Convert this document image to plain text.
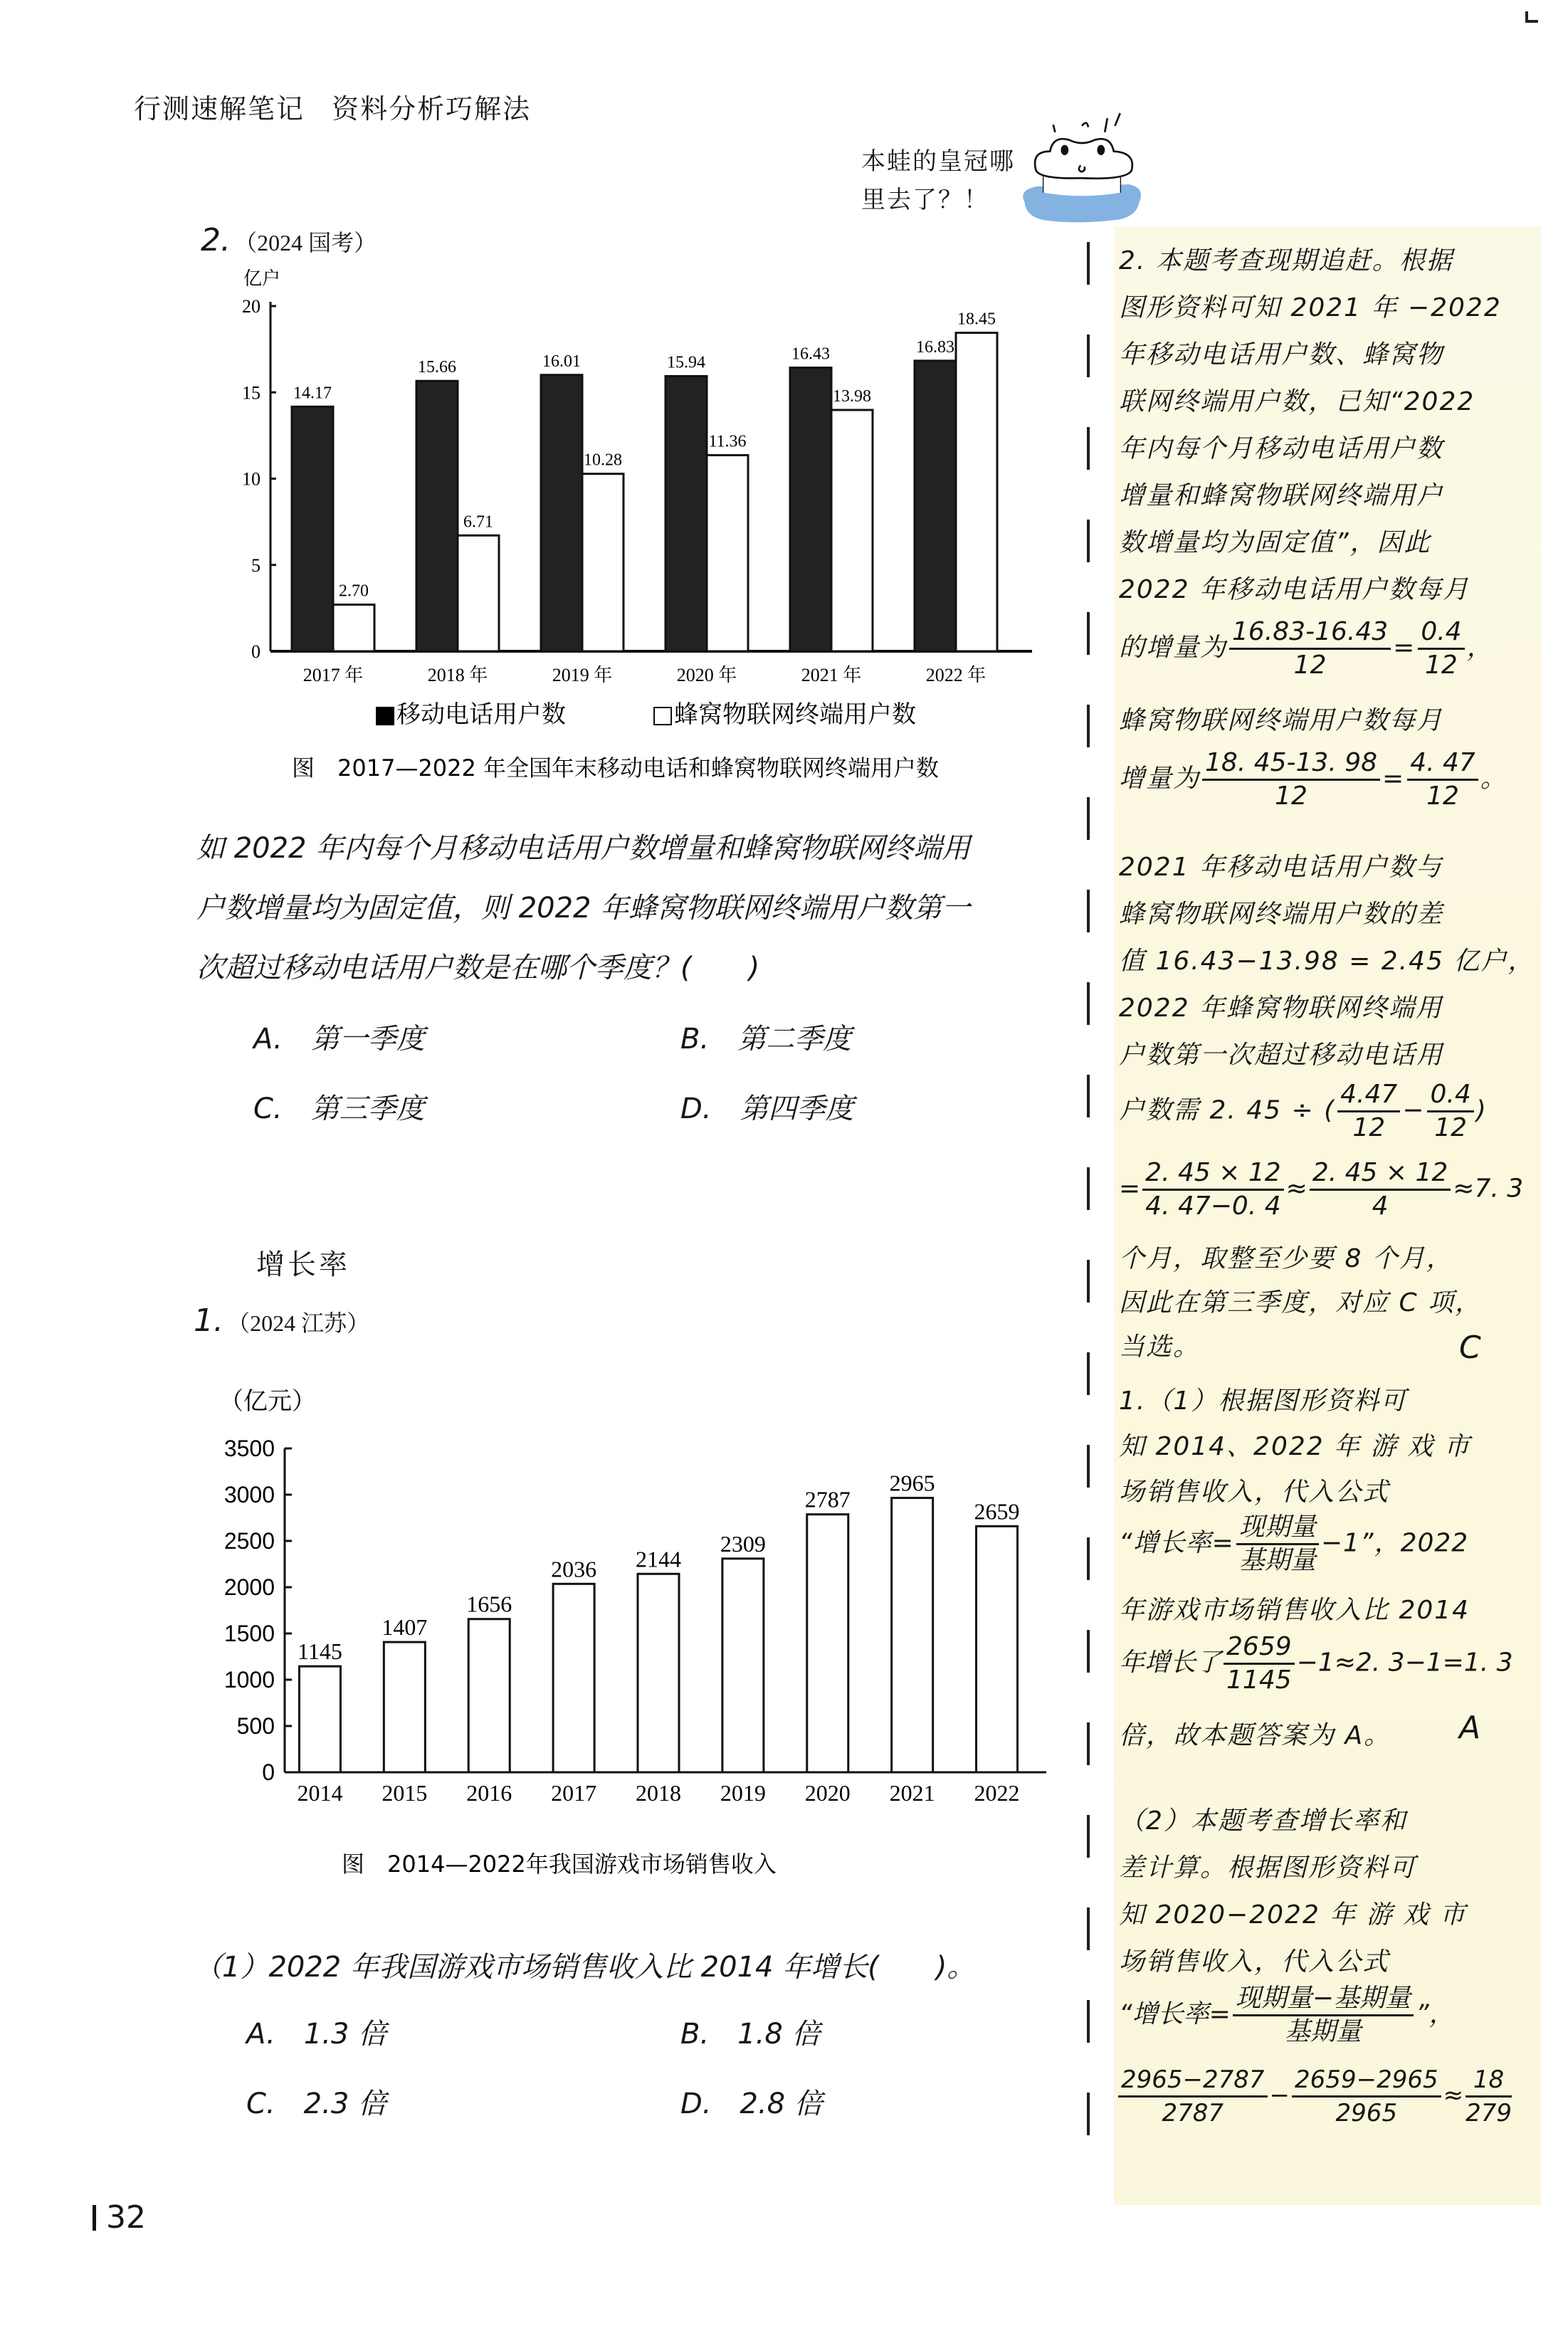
行测速解笔记 资料分析巧解法
本蛙的皇冠哪
里去了？！
2. （2024 国考）
亿户
0
5
10
15
20
14.17
2.70
2017 年
15.66
6.71
2018 年
16.01
10.28
2019 年
15.94
11.36
2020 年
16.43
13.98
2021 年
16.83
18.45
2022 年
■移动电话用户数	□蜂窝物联网终端用户数
图　2017—2022 年全国年末移动电话和蜂窝物联网终端用户数
如 2022 年内每个月移动电话用户数增量和蜂窝物联网终端用
户数增量均为固定值，则 2022 年蜂窝物联网终端用户数第一
次超过移动电话用户数是在哪个季度？(　　)
A.　 第一季度	B.　 第二季度
C.　 第三季度	D.　 第四季度
增长率
1. （2024 江苏）
（亿元）
0
500
1000
1500
2000
2500
3000
3500
1145
2014
1407
2015
1656
2016
2036
2017
2144
2018
2309
2019
2787
2020
2965
2021
2659
2022
图　2014—2022年我国游戏市场销售收入
（1）2022 年我国游戏市场销售收入比 2014 年增长(　　)。
A.　 1.3 倍	B.　 1.8 倍
C.　 2.3 倍	D.　 2.8 倍
32
2. 本题考查现期追赶。根据
图形资料可知 2021 年 −2022
年移动电话用户数、蜂窝物
联网终端用户数，已知“2022
年内每个月移动电话用户数
增量和蜂窝物联网终端用户
数增量均为固定值”，因此
2022 年移动电话用户数每月
的增量为 $\frac{16.83-16.43}{12} = \frac{0.4}{12}$ ，
蜂窝物联网终端用户数每月
增量为 $\frac{18. 45-13. 98}{12} = \frac{4. 47}{12}$ 。
2021 年移动电话用户数与
蜂窝物联网终端用户数的差
值 16.43−13.98 = 2.45 亿户，
2022 年蜂窝物联网终端用
户数第一次超过移动电话用
户数需 2. 45 ÷ ( $\frac{4.47}{12} - \frac{0.4}{12}$ )
= $\frac{2. 45 \times 12}{4. 47-0. 4} \approx \frac{2. 45 \times 12}{4} \approx 7$. 3
个月，取整至少要 8 个月，
因此在第三季度，对应 C 项，
当选。	C
1.（1）根据图形资料可
知 2014、2022 年 游 戏 市
场销售收入，代入公式
“增长率= $\frac{\text{现期量}}{\text{基期量}} -1$”，2022
年游戏市场销售收入比 2014
年增长了 $\frac{2659}{1145} -1\approx 2$. 3−1=1. 3
倍，故本题答案为 A。	A
（2）本题考查增长率和
差计算。根据图形资料可
知 2020−2022 年 游 戏 市
场销售收入，代入公式
“增长率= $\frac{\text{现期量−基期量}}{\text{基期量}}$ ”，
$\frac{2965-2787}{2787} - \frac{2659-2965}{2965} \approx \frac{18}{279}$
